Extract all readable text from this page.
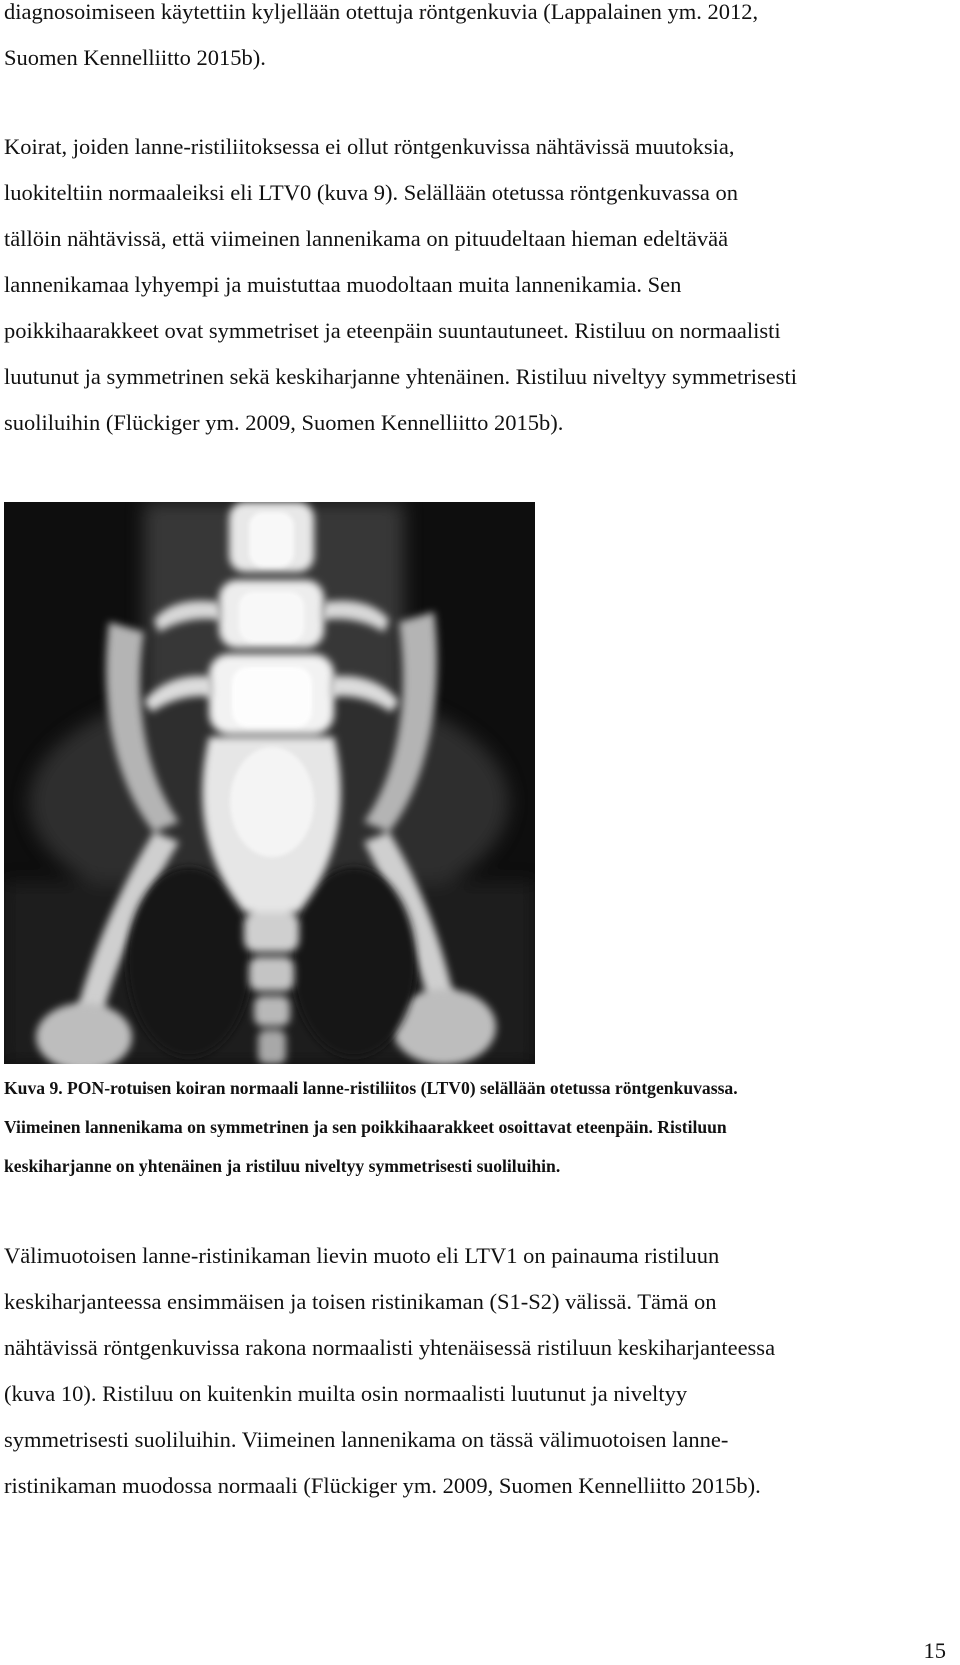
diagnosoimiseen käytettiin kyljellään otettuja röntgenkuvia (Lappalainen ym. 2012,
Suomen Kennelliitto 2015b).
Koirat, joiden lanne-ristiliitoksessa ei ollut röntgenkuvissa nähtävissä muutoksia,
luokiteltiin normaaleiksi eli LTV0 (kuva 9). Selällään otetussa röntgenkuvassa on
tällöin nähtävissä, että viimeinen lannenikama on pituudeltaan hieman edeltävää
lannenikamaa lyhyempi ja muistuttaa muodoltaan muita lannenikamia. Sen
poikkihaarakkeet ovat symmetriset ja eteenpäin suuntautuneet. Ristiluu on normaalisti
luutunut ja symmetrinen sekä keskiharjanne yhtenäinen. Ristiluu niveltyy symmetrisesti
suoliluihin (Flückiger ym. 2009, Suomen Kennelliitto 2015b).
Kuva 9. PON-rotuisen koiran normaali lanne-ristiliitos (LTV0) selällään otetussa röntgenkuvassa.
Viimeinen lannenikama on symmetrinen ja sen poikkihaarakkeet osoittavat eteenpäin. Ristiluun
keskiharjanne on yhtenäinen ja ristiluu niveltyy symmetrisesti suoliluihin.
Välimuotoisen lanne-ristinikaman lievin muoto eli LTV1 on painauma ristiluun
keskiharjanteessa ensimmäisen ja toisen ristinikaman (S1-S2) välissä. Tämä on
nähtävissä röntgenkuvissa rakona normaalisti yhtenäisessä ristiluun keskiharjanteessa
(kuva 10). Ristiluu on kuitenkin muilta osin normaalisti luutunut ja niveltyy
symmetrisesti suoliluihin. Viimeinen lannenikama on tässä välimuotoisen lanne-
ristinikaman muodossa normaali (Flückiger ym. 2009, Suomen Kennelliitto 2015b).
15
